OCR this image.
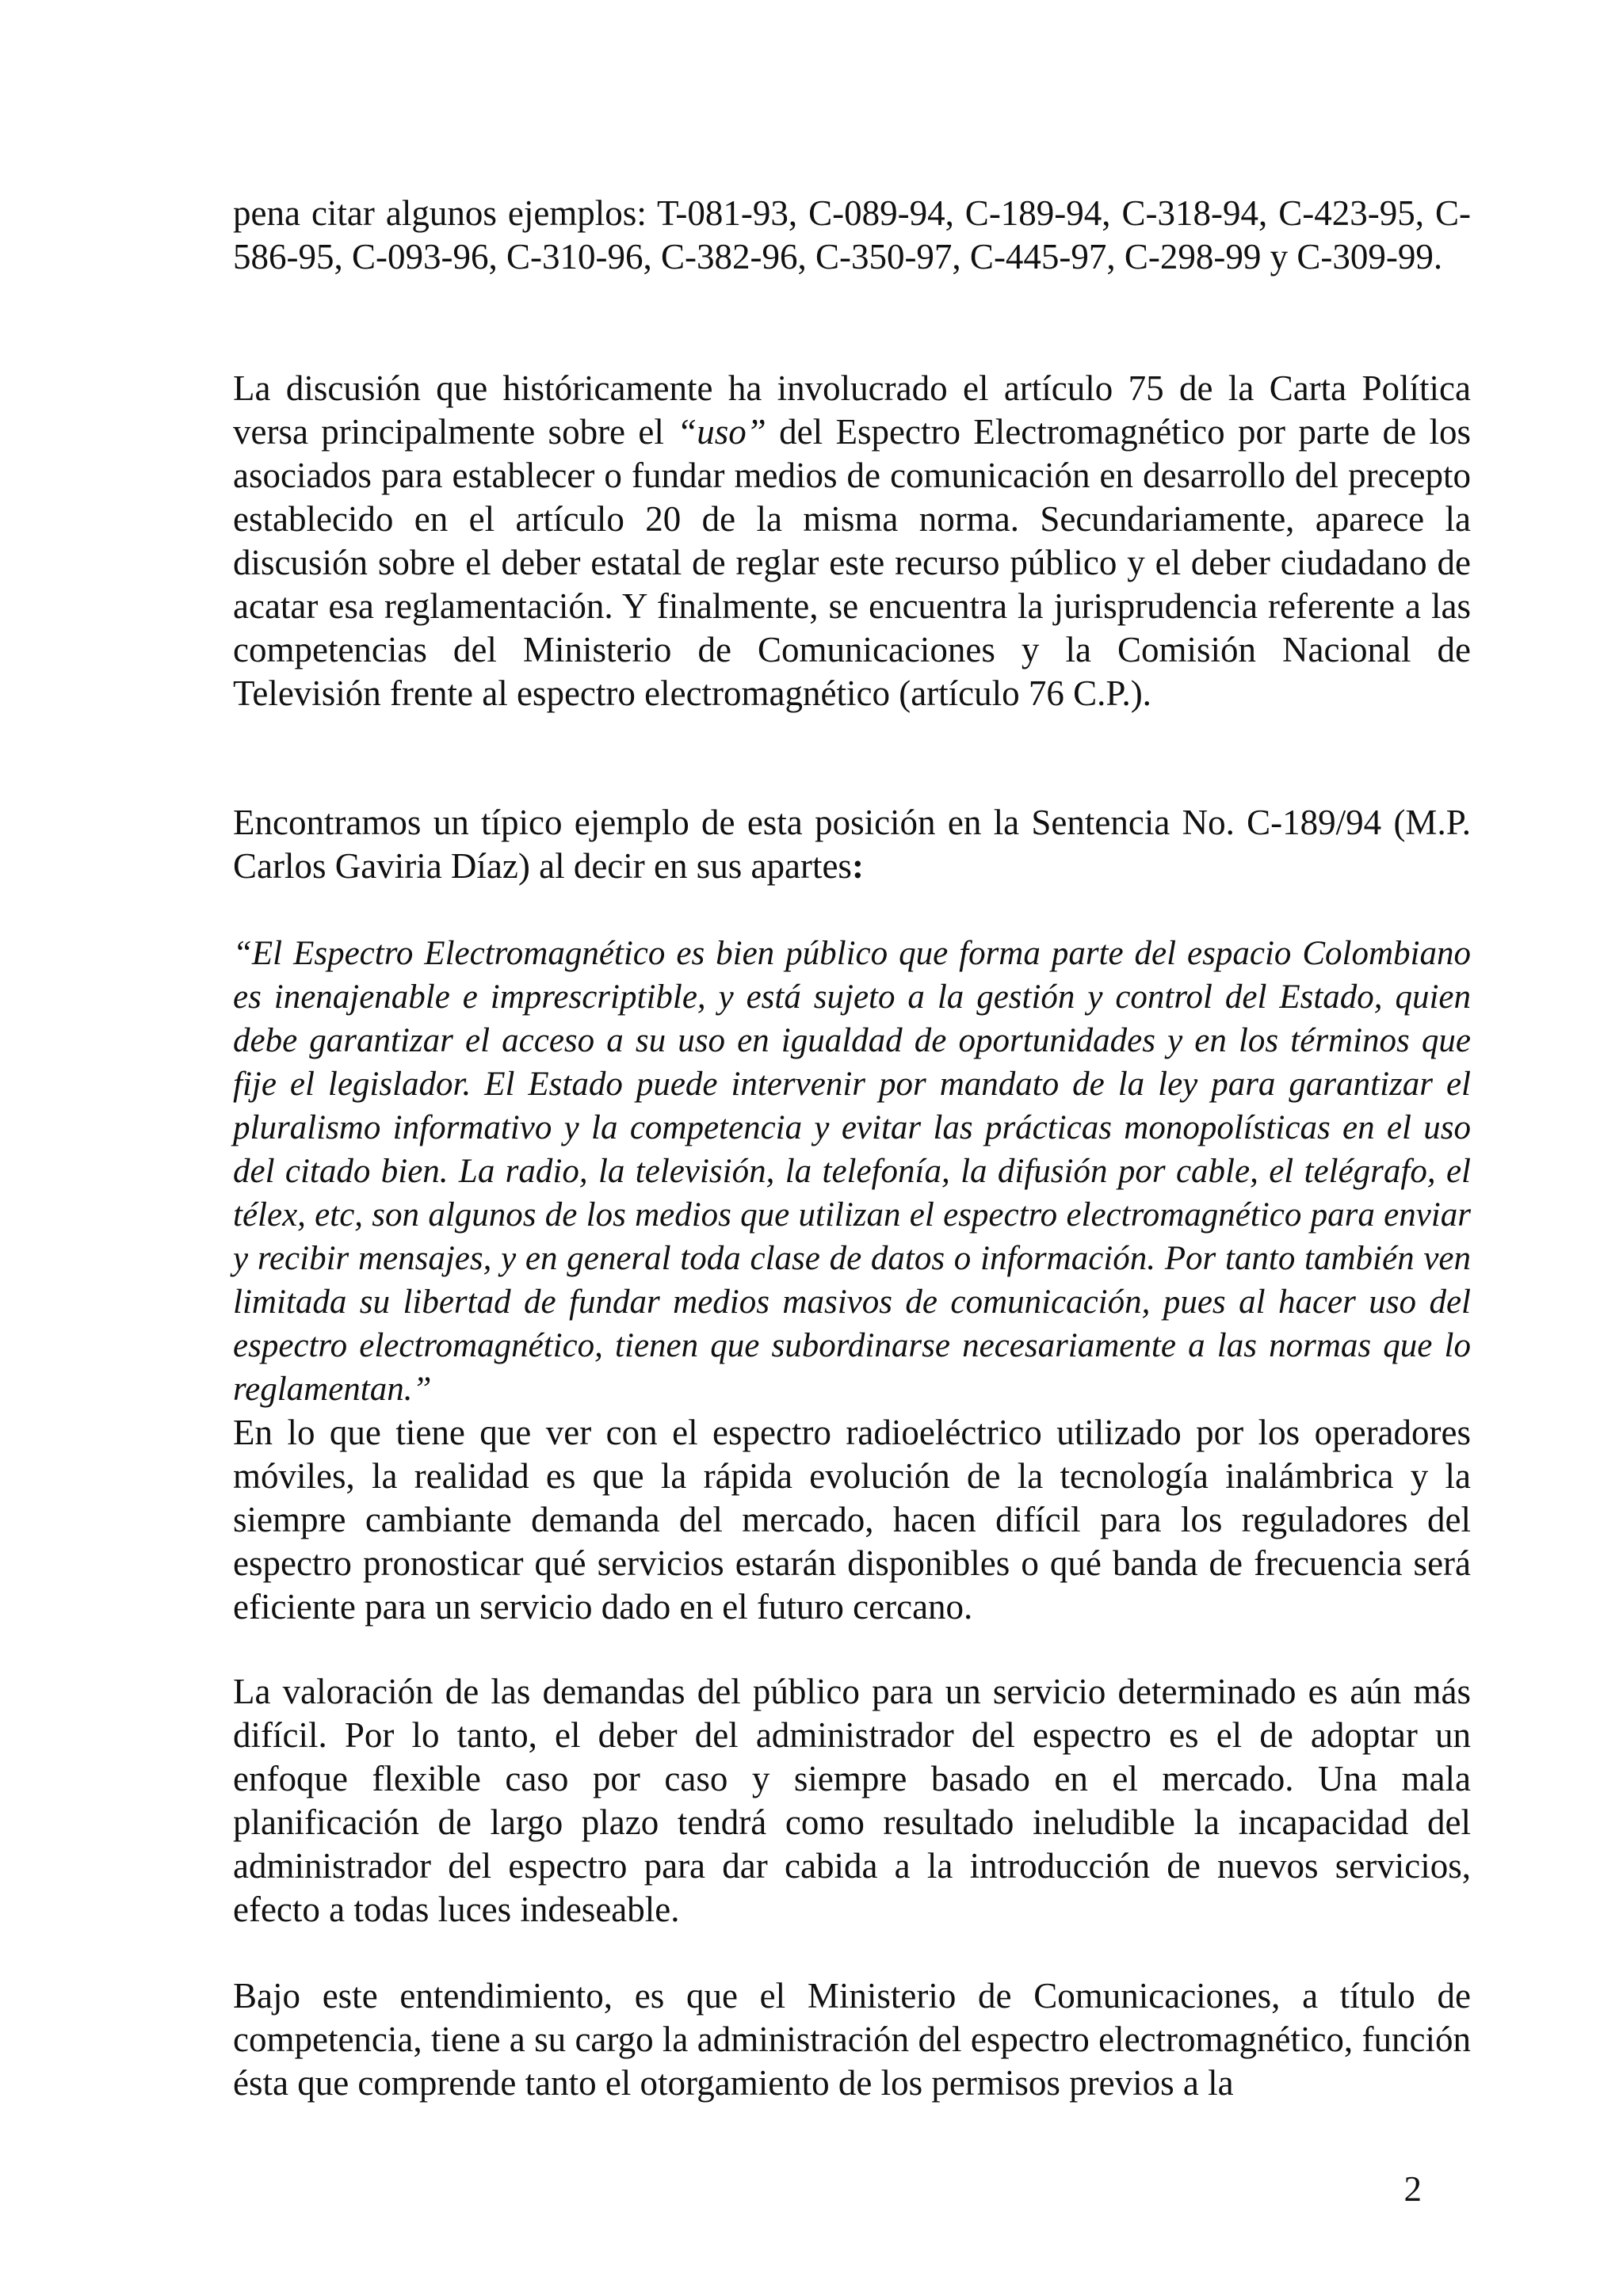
pena citar algunos ejemplos: T-081-93, C-089-94, C-189-94, C-318-94, C-423-95, C-586-95, C-093-96, C-310-96, C-382-96, C-350-97, C-445-97, C-298-99 y C-309-99.

La discusión que históricamente ha involucrado el artículo 75 de la Carta Política versa principalmente sobre el “uso” del Espectro Electromagnético por parte de los asociados para establecer o fundar medios de comunicación en desarrollo del precepto establecido en el artículo 20 de la misma norma. Secundariamente, aparece la discusión sobre el deber estatal de reglar este recurso público y el deber ciudadano de acatar esa reglamentación. Y finalmente, se encuentra la jurisprudencia referente a las competencias del Ministerio de Comunicaciones y la Comisión Nacional de Televisión frente al espectro electromagnético (artículo 76 C.P.).

Encontramos un típico ejemplo de esta posición en la Sentencia No. C-189/94 (M.P. Carlos Gaviria Díaz) al decir en sus apartes:

“El Espectro Electromagnético es bien público que forma parte del espacio Colombiano es inenajenable e imprescriptible, y está sujeto a la gestión y control del Estado, quien debe garantizar el acceso a su uso en igualdad de oportunidades y en los términos que fije el legislador. El Estado puede intervenir por mandato de la ley para garantizar el pluralismo informativo y la competencia y evitar las prácticas monopolísticas en el uso del citado bien. La radio, la televisión, la telefonía, la difusión por cable, el telégrafo, el télex, etc, son algunos de los medios que utilizan el espectro electromagnético para enviar y recibir mensajes, y en general toda clase de datos o información. Por tanto también ven limitada su libertad de fundar medios masivos de comunicación, pues al hacer uso del espectro electromagnético, tienen que subordinarse necesariamente a las normas que lo reglamentan.”

En lo que tiene que ver con el espectro radioeléctrico utilizado por los operadores móviles, la realidad es que la rápida evolución de la tecnología inalámbrica y la siempre cambiante demanda del mercado, hacen difícil para los reguladores del espectro pronosticar qué servicios estarán disponibles o qué banda de frecuencia será eficiente para un servicio dado en el futuro cercano.

La valoración de las demandas del público para un servicio determinado es aún más difícil. Por lo tanto, el deber del administrador del espectro es el de adoptar un enfoque flexible caso por caso y siempre basado en el mercado. Una mala planificación de largo plazo tendrá como resultado ineludible la incapacidad del administrador del espectro para dar cabida a la introducción de nuevos servicios, efecto a todas luces indeseable.

Bajo este entendimiento, es que el Ministerio de Comunicaciones, a título de competencia, tiene a su cargo la administración del espectro electromagnético, función ésta que comprende tanto el otorgamiento de los permisos previos a la

2
